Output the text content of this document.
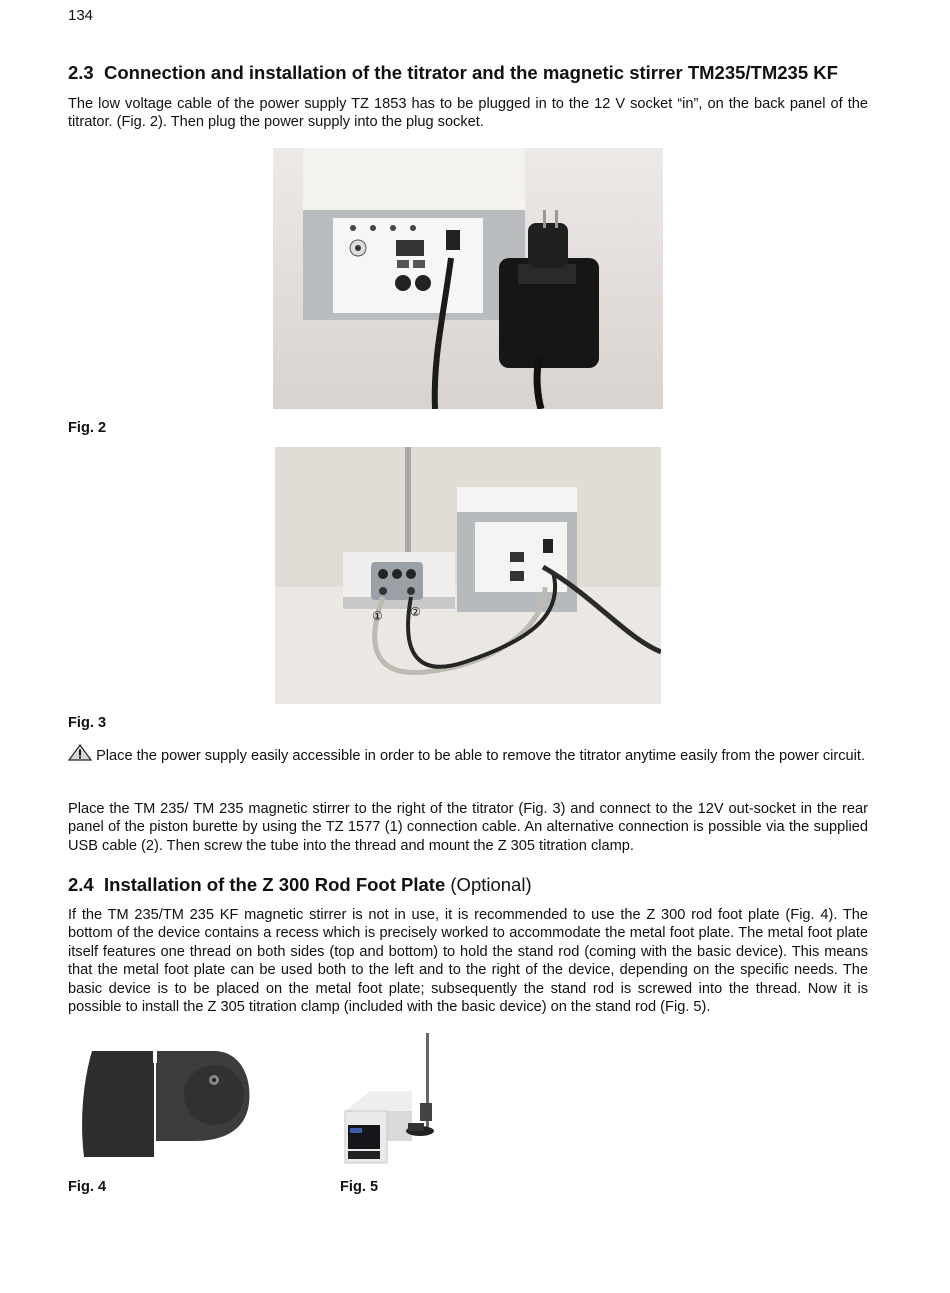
134
2.3 Connection and installation of the titrator and the magnetic stirrer TM235/TM235 KF
The low voltage cable of the power supply TZ 1853 has to be plugged in to the 12 V socket “in”, on the back panel of the titrator. (Fig. 2). Then plug the power supply into the plug socket.
Fig. 2
① ②
Fig. 3
Place the power supply easily accessible in order to be able to remove the titrator anytime easily from the power circuit.
Place the TM 235/ TM 235 magnetic stirrer to the right of the titrator (Fig. 3) and connect to the 12V out-socket in the rear panel of the piston burette by using the TZ 1577 (1) connection cable. An alternative connection is possible via the supplied USB cable (2). Then screw the tube into the thread and mount the Z 305 titration clamp.
2.4 Installation of the Z 300 Rod Foot Plate (Optional)
If the TM 235/TM 235 KF magnetic stirrer is not in use, it is recommended to use the Z 300 rod foot plate (Fig. 4). The bottom of the device contains a recess which is precisely worked to accommodate the metal foot plate. The metal foot plate itself features one thread on both sides (top and bottom) to hold the stand rod (coming with the basic device). This means that the metal foot plate can be used both to the left and to the right of the device, depending on the specific needs. The basic device is to be placed on the metal foot plate; subsequently the stand rod is screwed into the thread. Now it is possible to install the Z 305 titration clamp (included with the basic device) on the stand rod (Fig. 5).
Fig. 4	Fig. 5
